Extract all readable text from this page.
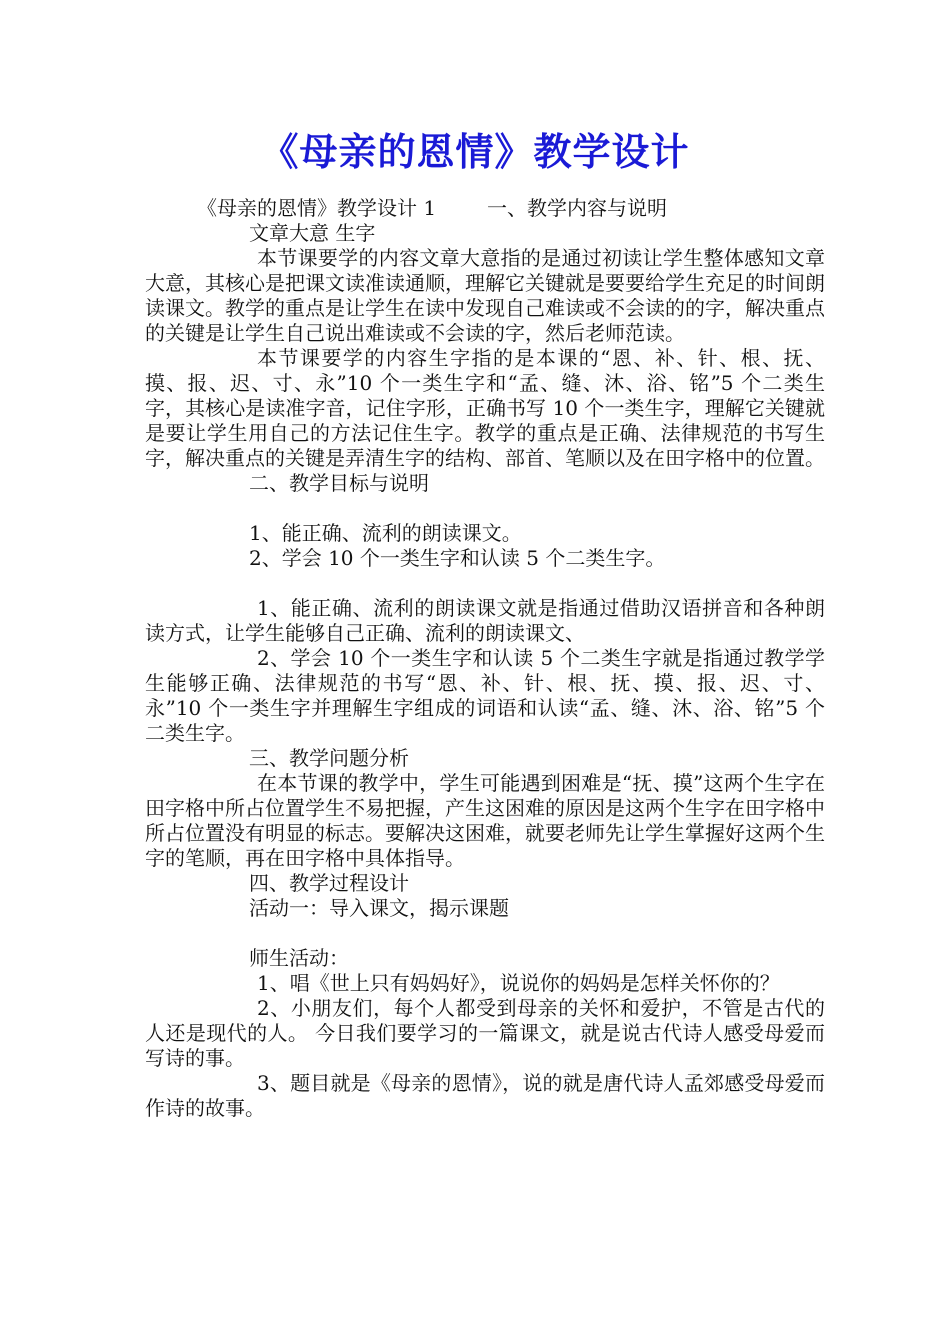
《母亲的恩情》教学设计
《母亲的恩情》教学设计 1        一、教学内容与说明
文章大意 生字
本节课要学的内容文章大意指的是通过初读让学生整体感知文章大意，其核心是把课文读准读通顺，理解它关键就是要要给学生充足的时间朗读课文。教学的重点是让学生在读中发现自己难读或不会读的的字，解决重点的关键是让学生自己说出难读或不会读的字，然后老师范读。
本节课要学的内容生字指的是本课的“恩、补、针、根、抚、摸、报、迟、寸、永”10 个一类生字和“孟、缝、沐、浴、铭”5 个二类生字，其核心是读准字音，记住字形，正确书写 10 个一类生字，理解它关键就是要让学生用自己的方法记住生字。教学的重点是正确、法律规范的书写生字，解决重点的关键是弄清生字的结构、部首、笔顺以及在田字格中的位置。
二、教学目标与说明
1、能正确、流利的朗读课文。
2、学会 10 个一类生字和认读 5 个二类生字。
1、能正确、流利的朗读课文就是指通过借助汉语拼音和各种朗读方式，让学生能够自己正确、流利的朗读课文、
2、学会 10 个一类生字和认读 5 个二类生字就是指通过教学学生能够正确、法律规范的书写“恩、补、针、根、抚、摸、报、迟、寸、永”10 个一类生字并理解生字组成的词语和认读“孟、缝、沐、浴、铭”5 个二类生字。
三、教学问题分析
在本节课的教学中，学生可能遇到困难是“抚、摸”这两个生字在田字格中所占位置学生不易把握，产生这困难的原因是这两个生字在田字格中所占位置没有明显的标志。要解决这困难，就要老师先让学生掌握好这两个生字的笔顺，再在田字格中具体指导。
四、教学过程设计
活动一：导入课文，揭示课题
师生活动：
1、唱《世上只有妈妈好》，说说你的妈妈是怎样关怀你的？
2、小朋友们，每个人都受到母亲的关怀和爱护，不管是古代的人还是现代的人。 今日我们要学习的一篇课文，就是说古代诗人感受母爱而写诗的事。
3、题目就是《母亲的恩情》，说的就是唐代诗人孟郊感受母爱而作诗的故事。
